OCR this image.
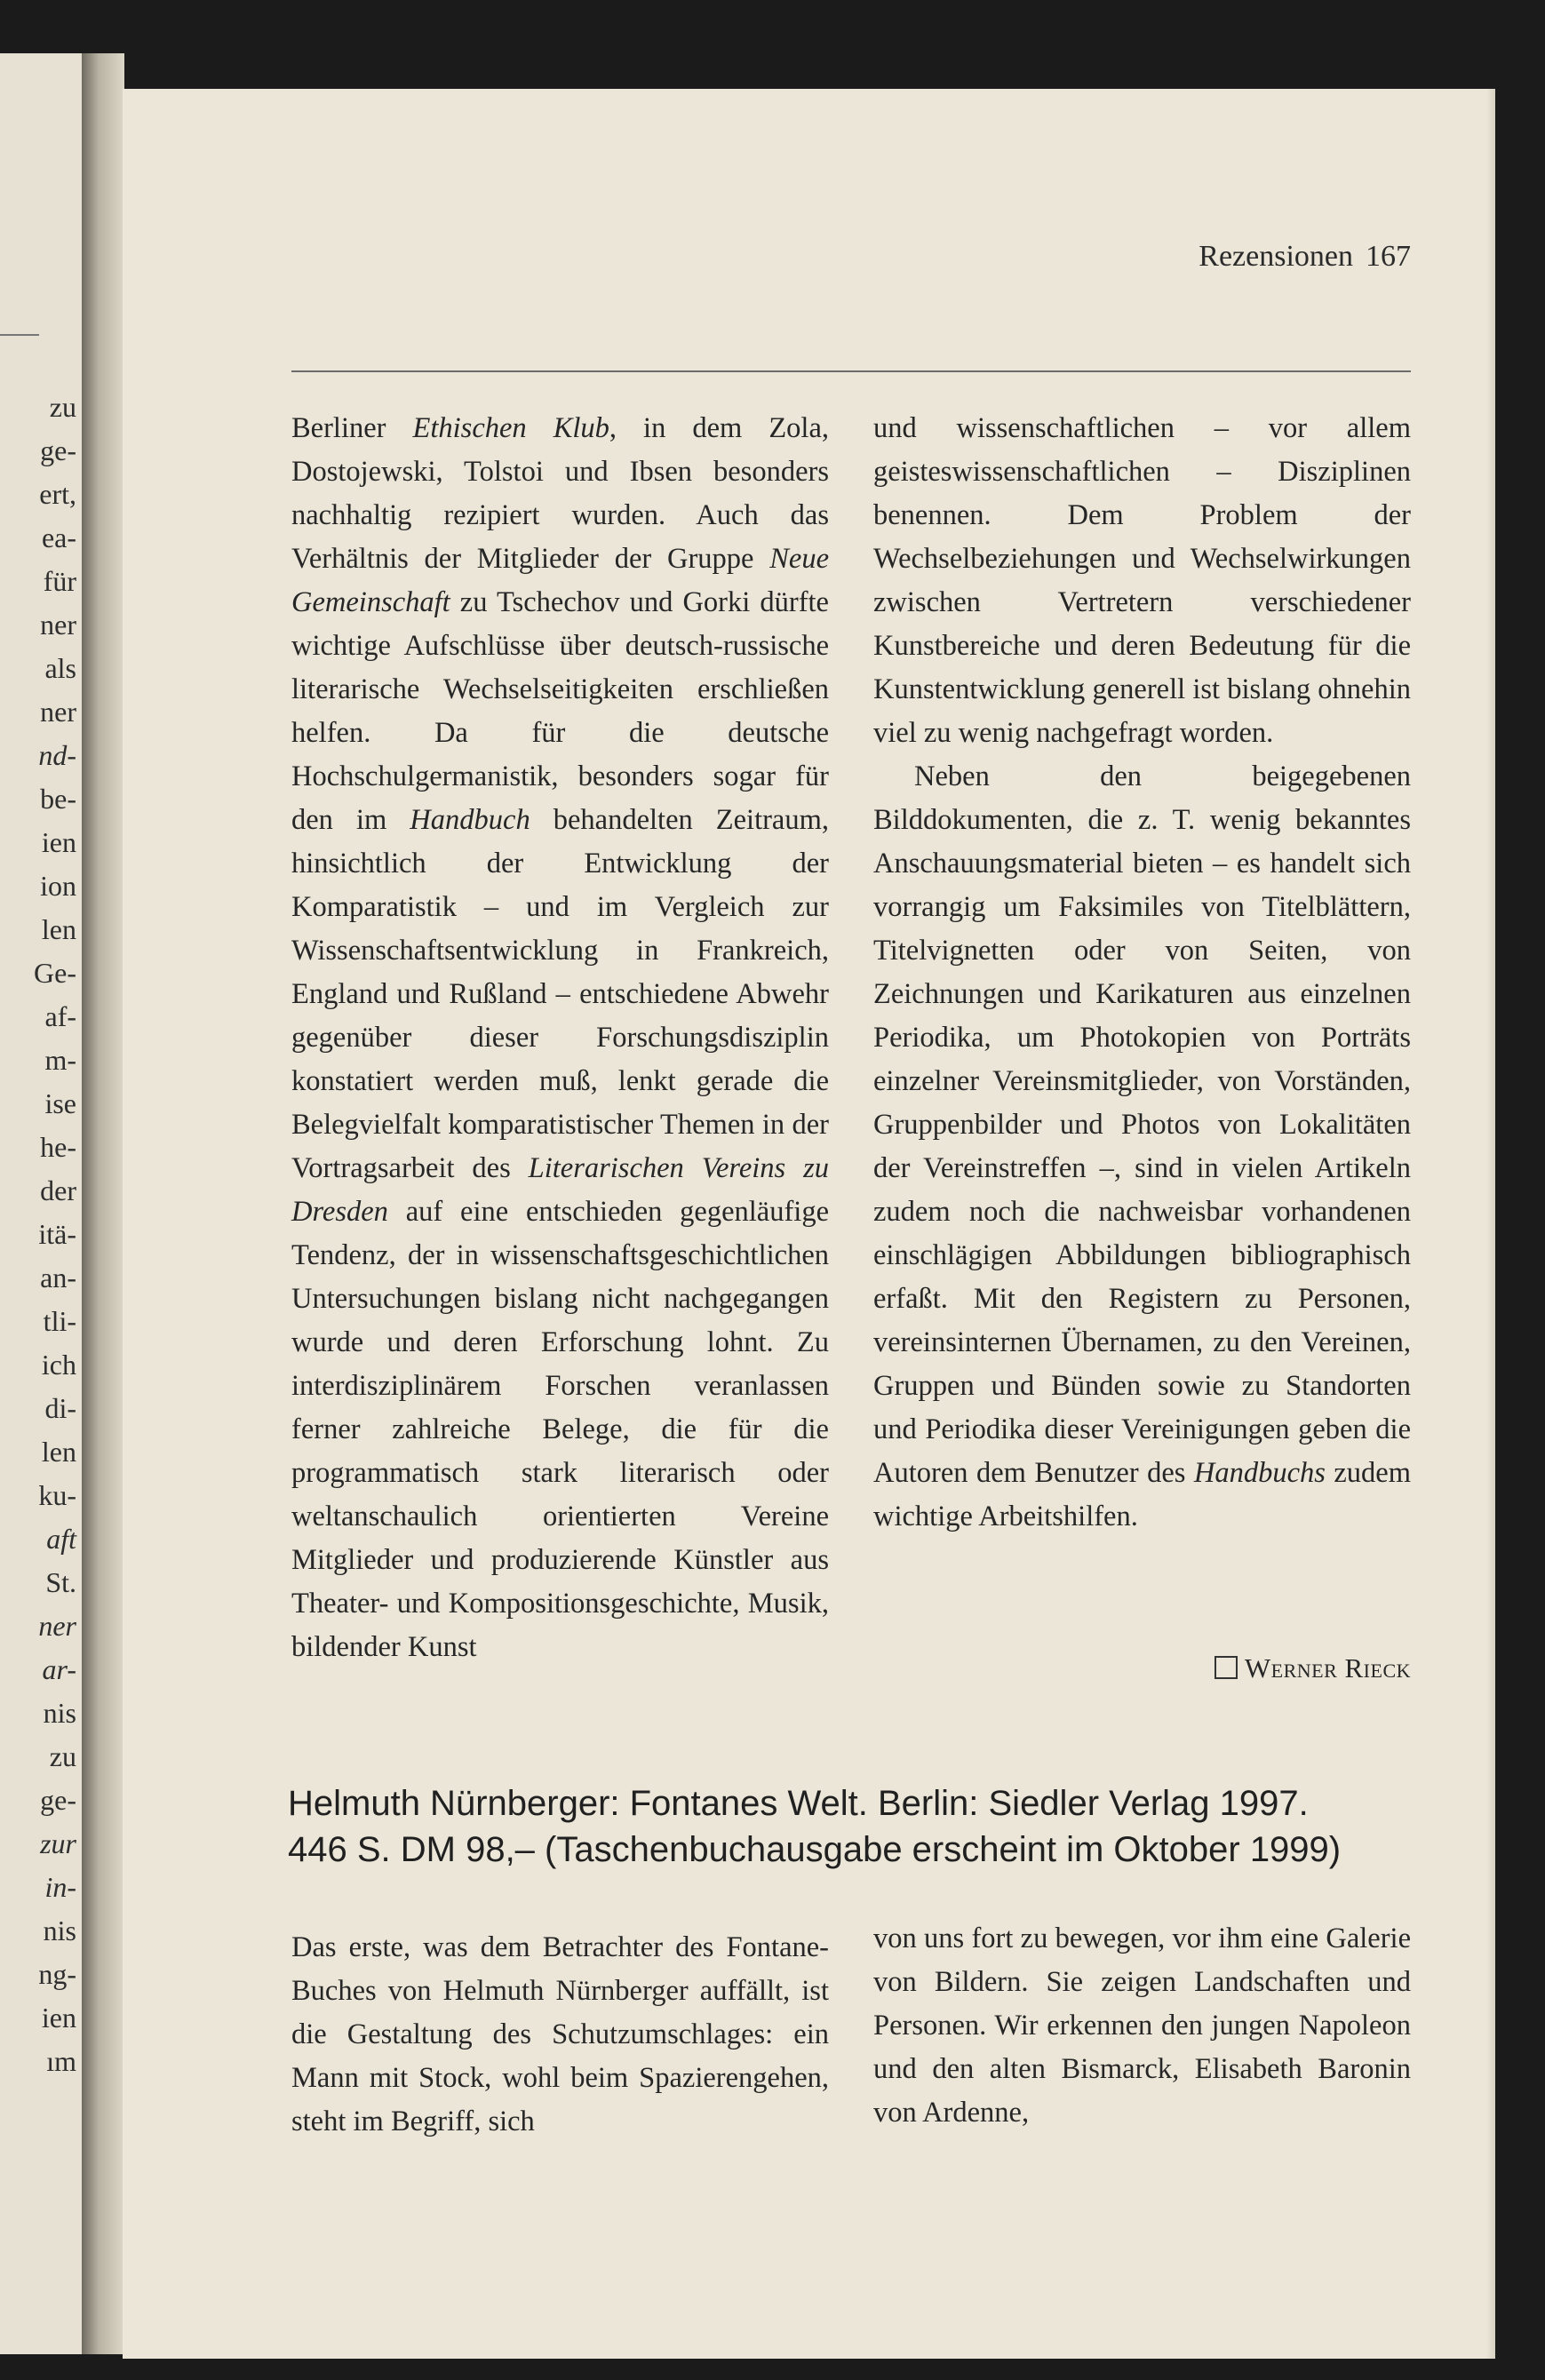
zu
ge-
ert,
ea-
für
ner
als
ner
nd-
be-
ien
ion
len
Ge-
af-
m-
ise
he-
der
itä-
an-
tli-
ich
di-
len
ku-
aft
St.
ner
ar-
nis
zu
ge-
zur
in-
nis
ng-
ien
ım
Rezensionen 167

Berliner Ethischen Klub, in dem Zola, Dostojewski, Tolstoi und Ibsen besonders nachhaltig rezipiert wurden. Auch das Verhältnis der Mitglieder der Gruppe Neue Gemeinschaft zu Tschechov und Gorki dürfte wichtige Aufschlüsse über deutsch-russische literarische Wechselseitigkeiten erschließen helfen. Da für die deutsche Hochschulgermanistik, besonders sogar für den im Handbuch behandelten Zeitraum, hinsichtlich der Entwicklung der Komparatistik – und im Vergleich zur Wissenschaftsentwicklung in Frankreich, England und Rußland – entschiedene Abwehr gegenüber dieser Forschungsdisziplin konstatiert werden muß, lenkt gerade die Belegvielfalt komparatistischer Themen in der Vortragsarbeit des Literarischen Vereins zu Dresden auf eine entschieden gegenläufige Tendenz, der in wissenschaftsgeschichtlichen Untersuchungen bislang nicht nachgegangen wurde und deren Erforschung lohnt. Zu interdisziplinärem Forschen veranlassen ferner zahlreiche Belege, die für die programmatisch stark literarisch oder weltanschaulich orientierten Vereine Mitglieder und produzierende Künstler aus Theater- und Kompositionsgeschichte, Musik, bildender Kunst

und wissenschaftlichen – vor allem geisteswissenschaftlichen – Disziplinen benennen. Dem Problem der Wechselbeziehungen und Wechselwirkungen zwischen Vertretern verschiedener Kunstbereiche und deren Bedeutung für die Kunstentwicklung generell ist bislang ohnehin viel zu wenig nachgefragt worden.

Neben den beigegebenen Bilddokumenten, die z. T. wenig bekanntes Anschauungsmaterial bieten – es handelt sich vorrangig um Faksimiles von Titelblättern, Titelvignetten oder von Seiten, von Zeichnungen und Karikaturen aus einzelnen Periodika, um Photokopien von Porträts einzelner Vereinsmitglieder, von Vorständen, Gruppenbilder und Photos von Lokalitäten der Vereinstreffen –, sind in vielen Artikeln zudem noch die nachweisbar vorhandenen einschlägigen Abbildungen bibliographisch erfaßt. Mit den Registern zu Personen, vereinsinternen Übernamen, zu den Vereinen, Gruppen und Bünden sowie zu Standorten und Periodika dieser Vereinigungen geben die Autoren dem Benutzer des Handbuchs zudem wichtige Arbeitshilfen.

Werner Rieck
Helmuth Nürnberger: Fontanes Welt. Berlin: Siedler Verlag 1997.
446 S. DM 98,– (Taschenbuchausgabe erscheint im Oktober 1999)

Das erste, was dem Betrachter des Fontane-Buches von Helmuth Nürnberger auffällt, ist die Gestaltung des Schutzumschlages: ein Mann mit Stock, wohl beim Spazierengehen, steht im Begriff, sich

von uns fort zu bewegen, vor ihm eine Galerie von Bildern. Sie zeigen Landschaften und Personen. Wir erkennen den jungen Napoleon und den alten Bismarck, Elisabeth Baronin von Ardenne,
